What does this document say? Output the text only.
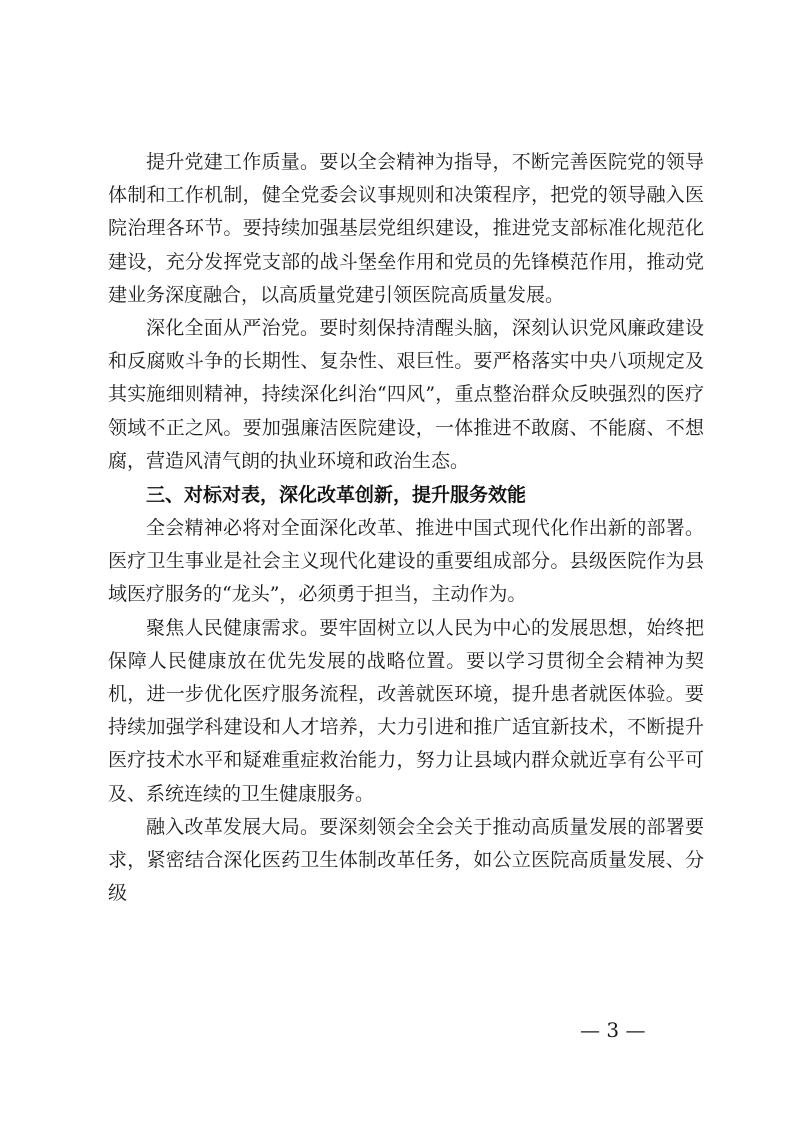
提升党建工作质量。要以全会精神为指导，不断完善医院党的领导体制和工作机制，健全党委会议事规则和决策程序，把党的领导融入医院治理各环节。要持续加强基层党组织建设，推进党支部标准化规范化建设，充分发挥党支部的战斗堡垒作用和党员的先锋模范作用，推动党建业务深度融合，以高质量党建引领医院高质量发展。

深化全面从严治党。要时刻保持清醒头脑，深刻认识党风廉政建设和反腐败斗争的长期性、复杂性、艰巨性。要严格落实中央八项规定及其实施细则精神，持续深化纠治“四风”，重点整治群众反映强烈的医疗领域不正之风。要加强廉洁医院建设，一体推进不敢腐、不能腐、不想腐，营造风清气朗的执业环境和政治生态。

三、对标对表，深化改革创新，提升服务效能

全会精神必将对全面深化改革、推进中国式现代化作出新的部署。医疗卫生事业是社会主义现代化建设的重要组成部分。县级医院作为县域医疗服务的“龙头”，必须勇于担当，主动作为。

聚焦人民健康需求。要牢固树立以人民为中心的发展思想，始终把保障人民健康放在优先发展的战略位置。要以学习贯彻全会精神为契机，进一步优化医疗服务流程，改善就医环境，提升患者就医体验。要持续加强学科建设和人才培养，大力引进和推广适宜新技术，不断提升医疗技术水平和疑难重症救治能力，努力让县域内群众就近享有公平可及、系统连续的卫生健康服务。

融入改革发展大局。要深刻领会全会关于推动高质量发展的部署要求，紧密结合深化医药卫生体制改革任务，如公立医院高质量发展、分级

— 3 —
